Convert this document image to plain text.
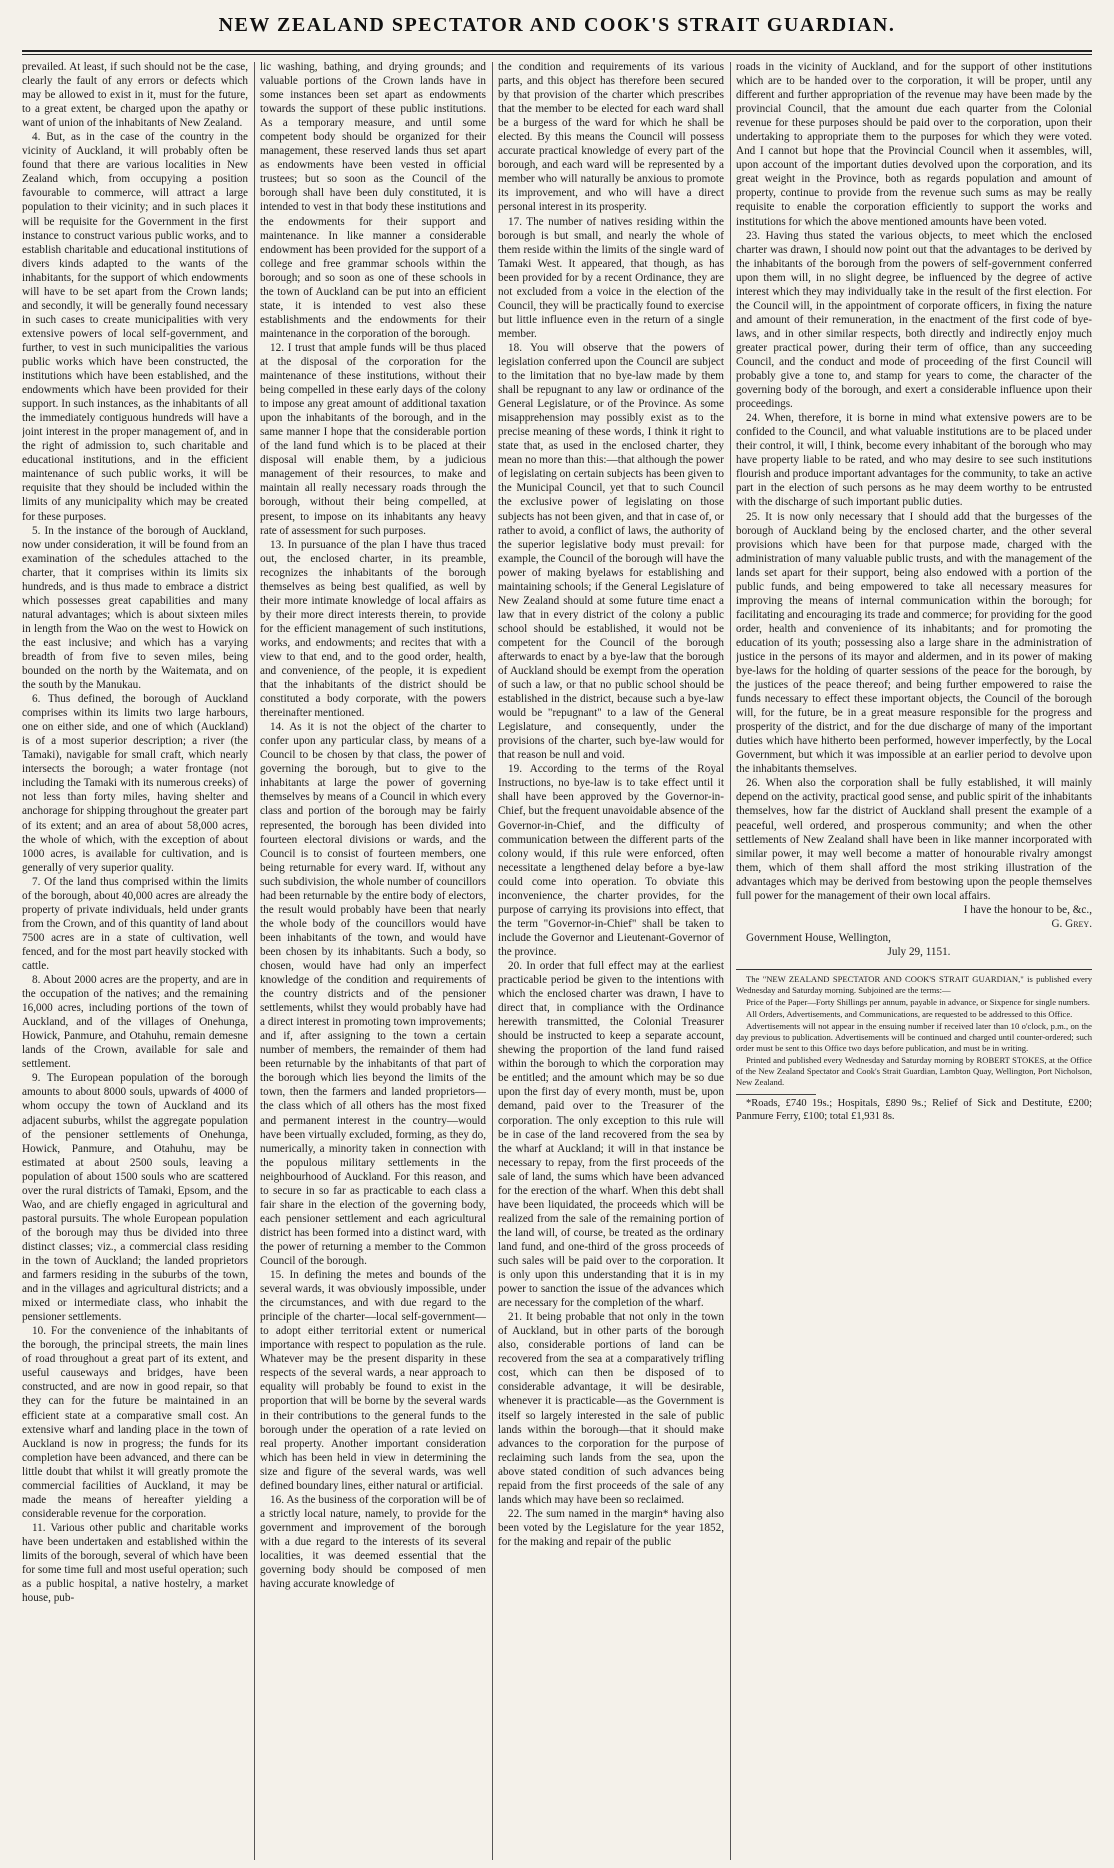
NEW ZEALAND SPECTATOR AND COOK'S STRAIT GUARDIAN.

prevailed. At least, if such should not be the case, clearly the fault of any errors or defects which may be allowed to exist in it, must for the future, to a great extent, be charged upon the apathy or want of union of the inhabitants of New Zealand.

4. But, as in the case of the country in the vicinity of Auckland, it will probably often be found that there are various localities in New Zealand which, from occupying a position favourable to commerce, will attract a large population to their vicinity; and in such places it will be requisite for the Government in the first instance to construct various public works, and to establish charitable and educational institutions of divers kinds adapted to the wants of the inhabitants, for the support of which endowments will have to be set apart from the Crown lands; and secondly, it will be generally found necessary in such cases to create municipalities with very extensive powers of local self-government, and further, to vest in such municipalities the various public works which have been constructed, the institutions which have been established, and the endowments which have been provided for their support. In such instances, as the inhabitants of all the immediately contiguous hundreds will have a joint interest in the proper management of, and in the right of admission to, such charitable and educational institutions, and in the efficient maintenance of such public works, it will be requisite that they should be included within the limits of any municipality which may be created for these purposes.

5. In the instance of the borough of Auckland, now under consideration, it will be found from an examination of the schedules attached to the charter, that it comprises within its limits six hundreds, and is thus made to embrace a district which possesses great capabilities and many natural advantages; which is about sixteen miles in length from the Wao on the west to Howick on the east inclusive; and which has a varying breadth of from five to seven miles, being bounded on the north by the Waitemata, and on the south by the Manukau.

6. Thus defined, the borough of Auckland comprises within its limits two large harbours, one on either side, and one of which (Auckland) is of a most superior description; a river (the Tamaki), navigable for small craft, which nearly intersects the borough; a water frontage (not including the Tamaki with its numerous creeks) of not less than forty miles, having shelter and anchorage for shipping throughout the greater part of its extent; and an area of about 58,000 acres, the whole of which, with the exception of about 1000 acres, is available for cultivation, and is generally of very superior quality.

7. Of the land thus comprised within the limits of the borough, about 40,000 acres are already the property of private individuals, held under grants from the Crown, and of this quantity of land about 7500 acres are in a state of cultivation, well fenced, and for the most part heavily stocked with cattle.

8. About 2000 acres are the property, and are in the occupation of the natives; and the remaining 16,000 acres, including portions of the town of Auckland, and of the villages of Onehunga, Howick, Panmure, and Otahuhu, remain demesne lands of the Crown, available for sale and settlement.

9. The European population of the borough amounts to about 8000 souls, upwards of 4000 of whom occupy the town of Auckland and its adjacent suburbs, whilst the aggregate population of the pensioner settlements of Onehunga, Howick, Panmure, and Otahuhu, may be estimated at about 2500 souls, leaving a population of about 1500 souls who are scattered over the rural districts of Tamaki, Epsom, and the Wao, and are chiefly engaged in agricultural and pastoral pursuits. The whole European population of the borough may thus be divided into three distinct classes; viz., a commercial class residing in the town of Auckland; the landed proprietors and farmers residing in the suburbs of the town, and in the villages and agricultural districts; and a mixed or intermediate class, who inhabit the pensioner settlements.

10. For the convenience of the inhabitants of the borough, the principal streets, the main lines of road throughout a great part of its extent, and useful causeways and bridges, have been constructed, and are now in good repair, so that they can for the future be maintained in an efficient state at a comparative small cost. An extensive wharf and landing place in the town of Auckland is now in progress; the funds for its completion have been advanced, and there can be little doubt that whilst it will greatly promote the commercial facilities of Auckland, it may be made the means of hereafter yielding a considerable revenue for the corporation.

11. Various other public and charitable works have been undertaken and established within the limits of the borough, several of which have been for some time full and most useful operation; such as a public hospital, a native hostelry, a market house, pub-

lic washing, bathing, and drying grounds; and valuable portions of the Crown lands have in some instances been set apart as endowments towards the support of these public institutions. As a temporary measure, and until some competent body should be organized for their management, these reserved lands thus set apart as endowments have been vested in official trustees; but so soon as the Council of the borough shall have been duly constituted, it is intended to vest in that body these institutions and the endowments for their support and maintenance. In like manner a considerable endowment has been provided for the support of a college and free grammar schools within the borough; and so soon as one of these schools in the town of Auckland can be put into an efficient state, it is intended to vest also these establishments and the endowments for their maintenance in the corporation of the borough.

12. I trust that ample funds will be thus placed at the disposal of the corporation for the maintenance of these institutions, without their being compelled in these early days of the colony to impose any great amount of additional taxation upon the inhabitants of the borough, and in the same manner I hope that the considerable portion of the land fund which is to be placed at their disposal will enable them, by a judicious management of their resources, to make and maintain all really necessary roads through the borough, without their being compelled, at present, to impose on its inhabitants any heavy rate of assessment for such purposes.

13. In pursuance of the plan I have thus traced out, the enclosed charter, in its preamble, recognizes the inhabitants of the borough themselves as being best qualified, as well by their more intimate knowledge of local affairs as by their more direct interests therein, to provide for the efficient management of such institutions, works, and endowments; and recites that with a view to that end, and to the good order, health, and convenience, of the people, it is expedient that the inhabitants of the district should be constituted a body corporate, with the powers thereinafter mentioned.

14. As it is not the object of the charter to confer upon any particular class, by means of a Council to be chosen by that class, the power of governing the borough, but to give to the inhabitants at large the power of governing themselves by means of a Council in which every class and portion of the borough may be fairly represented, the borough has been divided into fourteen electoral divisions or wards, and the Council is to consist of fourteen members, one being returnable for every ward. If, without any such subdivision, the whole number of councillors had been returnable by the entire body of electors, the result would probably have been that nearly the whole body of the councillors would have been inhabitants of the town, and would have been chosen by its inhabitants. Such a body, so chosen, would have had only an imperfect knowledge of the condition and requirements of the country districts and of the pensioner settlements, whilst they would probably have had a direct interest in promoting town improvements; and if, after assigning to the town a certain number of members, the remainder of them had been returnable by the inhabitants of that part of the borough which lies beyond the limits of the town, then the farmers and landed proprietors—the class which of all others has the most fixed and permanent interest in the country—would have been virtually excluded, forming, as they do, numerically, a minority taken in connection with the populous military settlements in the neighbourhood of Auckland. For this reason, and to secure in so far as practicable to each class a fair share in the election of the governing body, each pensioner settlement and each agricultural district has been formed into a distinct ward, with the power of returning a member to the Common Council of the borough.

15. In defining the metes and bounds of the several wards, it was obviously impossible, under the circumstances, and with due regard to the principle of the charter—local self-government—to adopt either territorial extent or numerical importance with respect to population as the rule. Whatever may be the present disparity in these respects of the several wards, a near approach to equality will probably be found to exist in the proportion that will be borne by the several wards in their contributions to the general funds to the borough under the operation of a rate levied on real property. Another important consideration which has been held in view in determining the size and figure of the several wards, was well defined boundary lines, either natural or artificial.

16. As the business of the corporation will be of a strictly local nature, namely, to provide for the government and improvement of the borough with a due regard to the interests of its several localities, it was deemed essential that the governing body should be composed of men having accurate knowledge of

the condition and requirements of its various parts, and this object has therefore been secured by that provision of the charter which prescribes that the member to be elected for each ward shall be a burgess of the ward for which he shall be elected. By this means the Council will possess accurate practical knowledge of every part of the borough, and each ward will be represented by a member who will naturally be anxious to promote its improvement, and who will have a direct personal interest in its prosperity.

17. The number of natives residing within the borough is but small, and nearly the whole of them reside within the limits of the single ward of Tamaki West. It appeared, that though, as has been provided for by a recent Ordinance, they are not excluded from a voice in the election of the Council, they will be practically found to exercise but little influence even in the return of a single member.

18. You will observe that the powers of legislation conferred upon the Council are subject to the limitation that no bye-law made by them shall be repugnant to any law or ordinance of the General Legislature, or of the Province. As some misapprehension may possibly exist as to the precise meaning of these words, I think it right to state that, as used in the enclosed charter, they mean no more than this:—that although the power of legislating on certain subjects has been given to the Municipal Council, yet that to such Council the exclusive power of legislating on those subjects has not been given, and that in case of, or rather to avoid, a conflict of laws, the authority of the superior legislative body must prevail: for example, the Council of the borough will have the power of making byelaws for establishing and maintaining schools; if the General Legislature of New Zealand should at some future time enact a law that in every district of the colony a public school should be established, it would not be competent for the Council of the borough afterwards to enact by a bye-law that the borough of Auckland should be exempt from the operation of such a law, or that no public school should be established in the district, because such a bye-law would be "repugnant" to a law of the General Legislature, and consequently, under the provisions of the charter, such bye-law would for that reason be null and void.

19. According to the terms of the Royal Instructions, no bye-law is to take effect until it shall have been approved by the Governor-in-Chief, but the frequent unavoidable absence of the Governor-in-Chief, and the difficulty of communication between the different parts of the colony would, if this rule were enforced, often necessitate a lengthened delay before a bye-law could come into operation. To obviate this inconvenience, the charter provides, for the purpose of carrying its provisions into effect, that the term "Governor-in-Chief" shall be taken to include the Governor and Lieutenant-Governor of the province.

20. In order that full effect may at the earliest practicable period be given to the intentions with which the enclosed charter was drawn, I have to direct that, in compliance with the Ordinance herewith transmitted, the Colonial Treasurer should be instructed to keep a separate account, shewing the proportion of the land fund raised within the borough to which the corporation may be entitled; and the amount which may be so due upon the first day of every month, must be, upon demand, paid over to the Treasurer of the corporation. The only exception to this rule will be in case of the land recovered from the sea by the wharf at Auckland; it will in that instance be necessary to repay, from the first proceeds of the sale of land, the sums which have been advanced for the erection of the wharf. When this debt shall have been liquidated, the proceeds which will be realized from the sale of the remaining portion of the land will, of course, be treated as the ordinary land fund, and one-third of the gross proceeds of such sales will be paid over to the corporation. It is only upon this understanding that it is in my power to sanction the issue of the advances which are necessary for the completion of the wharf.

21. It being probable that not only in the town of Auckland, but in other parts of the borough also, considerable portions of land can be recovered from the sea at a comparatively trifling cost, which can then be disposed of to considerable advantage, it will be desirable, whenever it is practicable—as the Government is itself so largely interested in the sale of public lands within the borough—that it should make advances to the corporation for the purpose of reclaiming such lands from the sea, upon the above stated condition of such advances being repaid from the first proceeds of the sale of any lands which may have been so reclaimed.

22. The sum named in the margin* having also been voted by the Legislature for the year 1852, for the making and repair of the public

roads in the vicinity of Auckland, and for the support of other institutions which are to be handed over to the corporation, it will be proper, until any different and further appropriation of the revenue may have been made by the provincial Council, that the amount due each quarter from the Colonial revenue for these purposes should be paid over to the corporation, upon their undertaking to appropriate them to the purposes for which they were voted. And I cannot but hope that the Provincial Council when it assembles, will, upon account of the important duties devolved upon the corporation, and its great weight in the Province, both as regards population and amount of property, continue to provide from the revenue such sums as may be really requisite to enable the corporation efficiently to support the works and institutions for which the above mentioned amounts have been voted.

23. Having thus stated the various objects, to meet which the enclosed charter was drawn, I should now point out that the advantages to be derived by the inhabitants of the borough from the powers of self-government conferred upon them will, in no slight degree, be influenced by the degree of active interest which they may individually take in the result of the first election. For the Council will, in the appointment of corporate officers, in fixing the nature and amount of their remuneration, in the enactment of the first code of bye-laws, and in other similar respects, both directly and indirectly enjoy much greater practical power, during their term of office, than any succeeding Council, and the conduct and mode of proceeding of the first Council will probably give a tone to, and stamp for years to come, the character of the governing body of the borough, and exert a considerable influence upon their proceedings.

24. When, therefore, it is borne in mind what extensive powers are to be confided to the Council, and what valuable institutions are to be placed under their control, it will, I think, become every inhabitant of the borough who may have property liable to be rated, and who may desire to see such institutions flourish and produce important advantages for the community, to take an active part in the election of such persons as he may deem worthy to be entrusted with the discharge of such important public duties.

25. It is now only necessary that I should add that the burgesses of the borough of Auckland being by the enclosed charter, and the other several provisions which have been for that purpose made, charged with the administration of many valuable public trusts, and with the management of the lands set apart for their support, being also endowed with a portion of the public funds, and being empowered to take all necessary measures for improving the means of internal communication within the borough; for facilitating and encouraging its trade and commerce; for providing for the good order, health and convenience of its inhabitants; and for promoting the education of its youth; possessing also a large share in the administration of justice in the persons of its mayor and aldermen, and in its power of making bye-laws for the holding of quarter sessions of the peace for the borough, by the justices of the peace thereof; and being further empowered to raise the funds necessary to effect these important objects, the Council of the borough will, for the future, be in a great measure responsible for the progress and prosperity of the district, and for the due discharge of many of the important duties which have hitherto been performed, however imperfectly, by the Local Government, but which it was impossible at an earlier period to devolve upon the inhabitants themselves.

26. When also the corporation shall be fully established, it will mainly depend on the activity, practical good sense, and public spirit of the inhabitants themselves, how far the district of Auckland shall present the example of a peaceful, well ordered, and prosperous community; and when the other settlements of New Zealand shall have been in like manner incorporated with similar power, it may well become a matter of honourable rivalry amongst them, which of them shall afford the most striking illustration of the advantages which may be derived from bestowing upon the people themselves full power for the management of their own local affairs.

I have the honour to be, &c.,

G. Grey.

Government House, Wellington,

July 29, 1151.

The "NEW ZEALAND SPECTATOR AND COOK'S STRAIT GUARDIAN," is published every Wednesday and Saturday morning. Subjoined are the terms:—

Price of the Paper—Forty Shillings per annum, payable in advance, or Sixpence for single numbers.

All Orders, Advertisements, and Communications, are requested to be addressed to this Office.

Advertisements will not appear in the ensuing number if received later than 10 o'clock, p.m., on the day previous to publication. Advertisements will be continued and charged until counter-ordered; such order must be sent to this Office two days before publication, and must be in writing.

Printed and published every Wednesday and Saturday morning by ROBERT STOKES, at the Office of the New Zealand Spectator and Cook's Strait Guardian, Lambton Quay, Wellington, Port Nicholson, New Zealand.

*Roads, £740 19s.; Hospitals, £890 9s.; Relief of Sick and Destitute, £200; Panmure Ferry, £100; total £1,931 8s.
